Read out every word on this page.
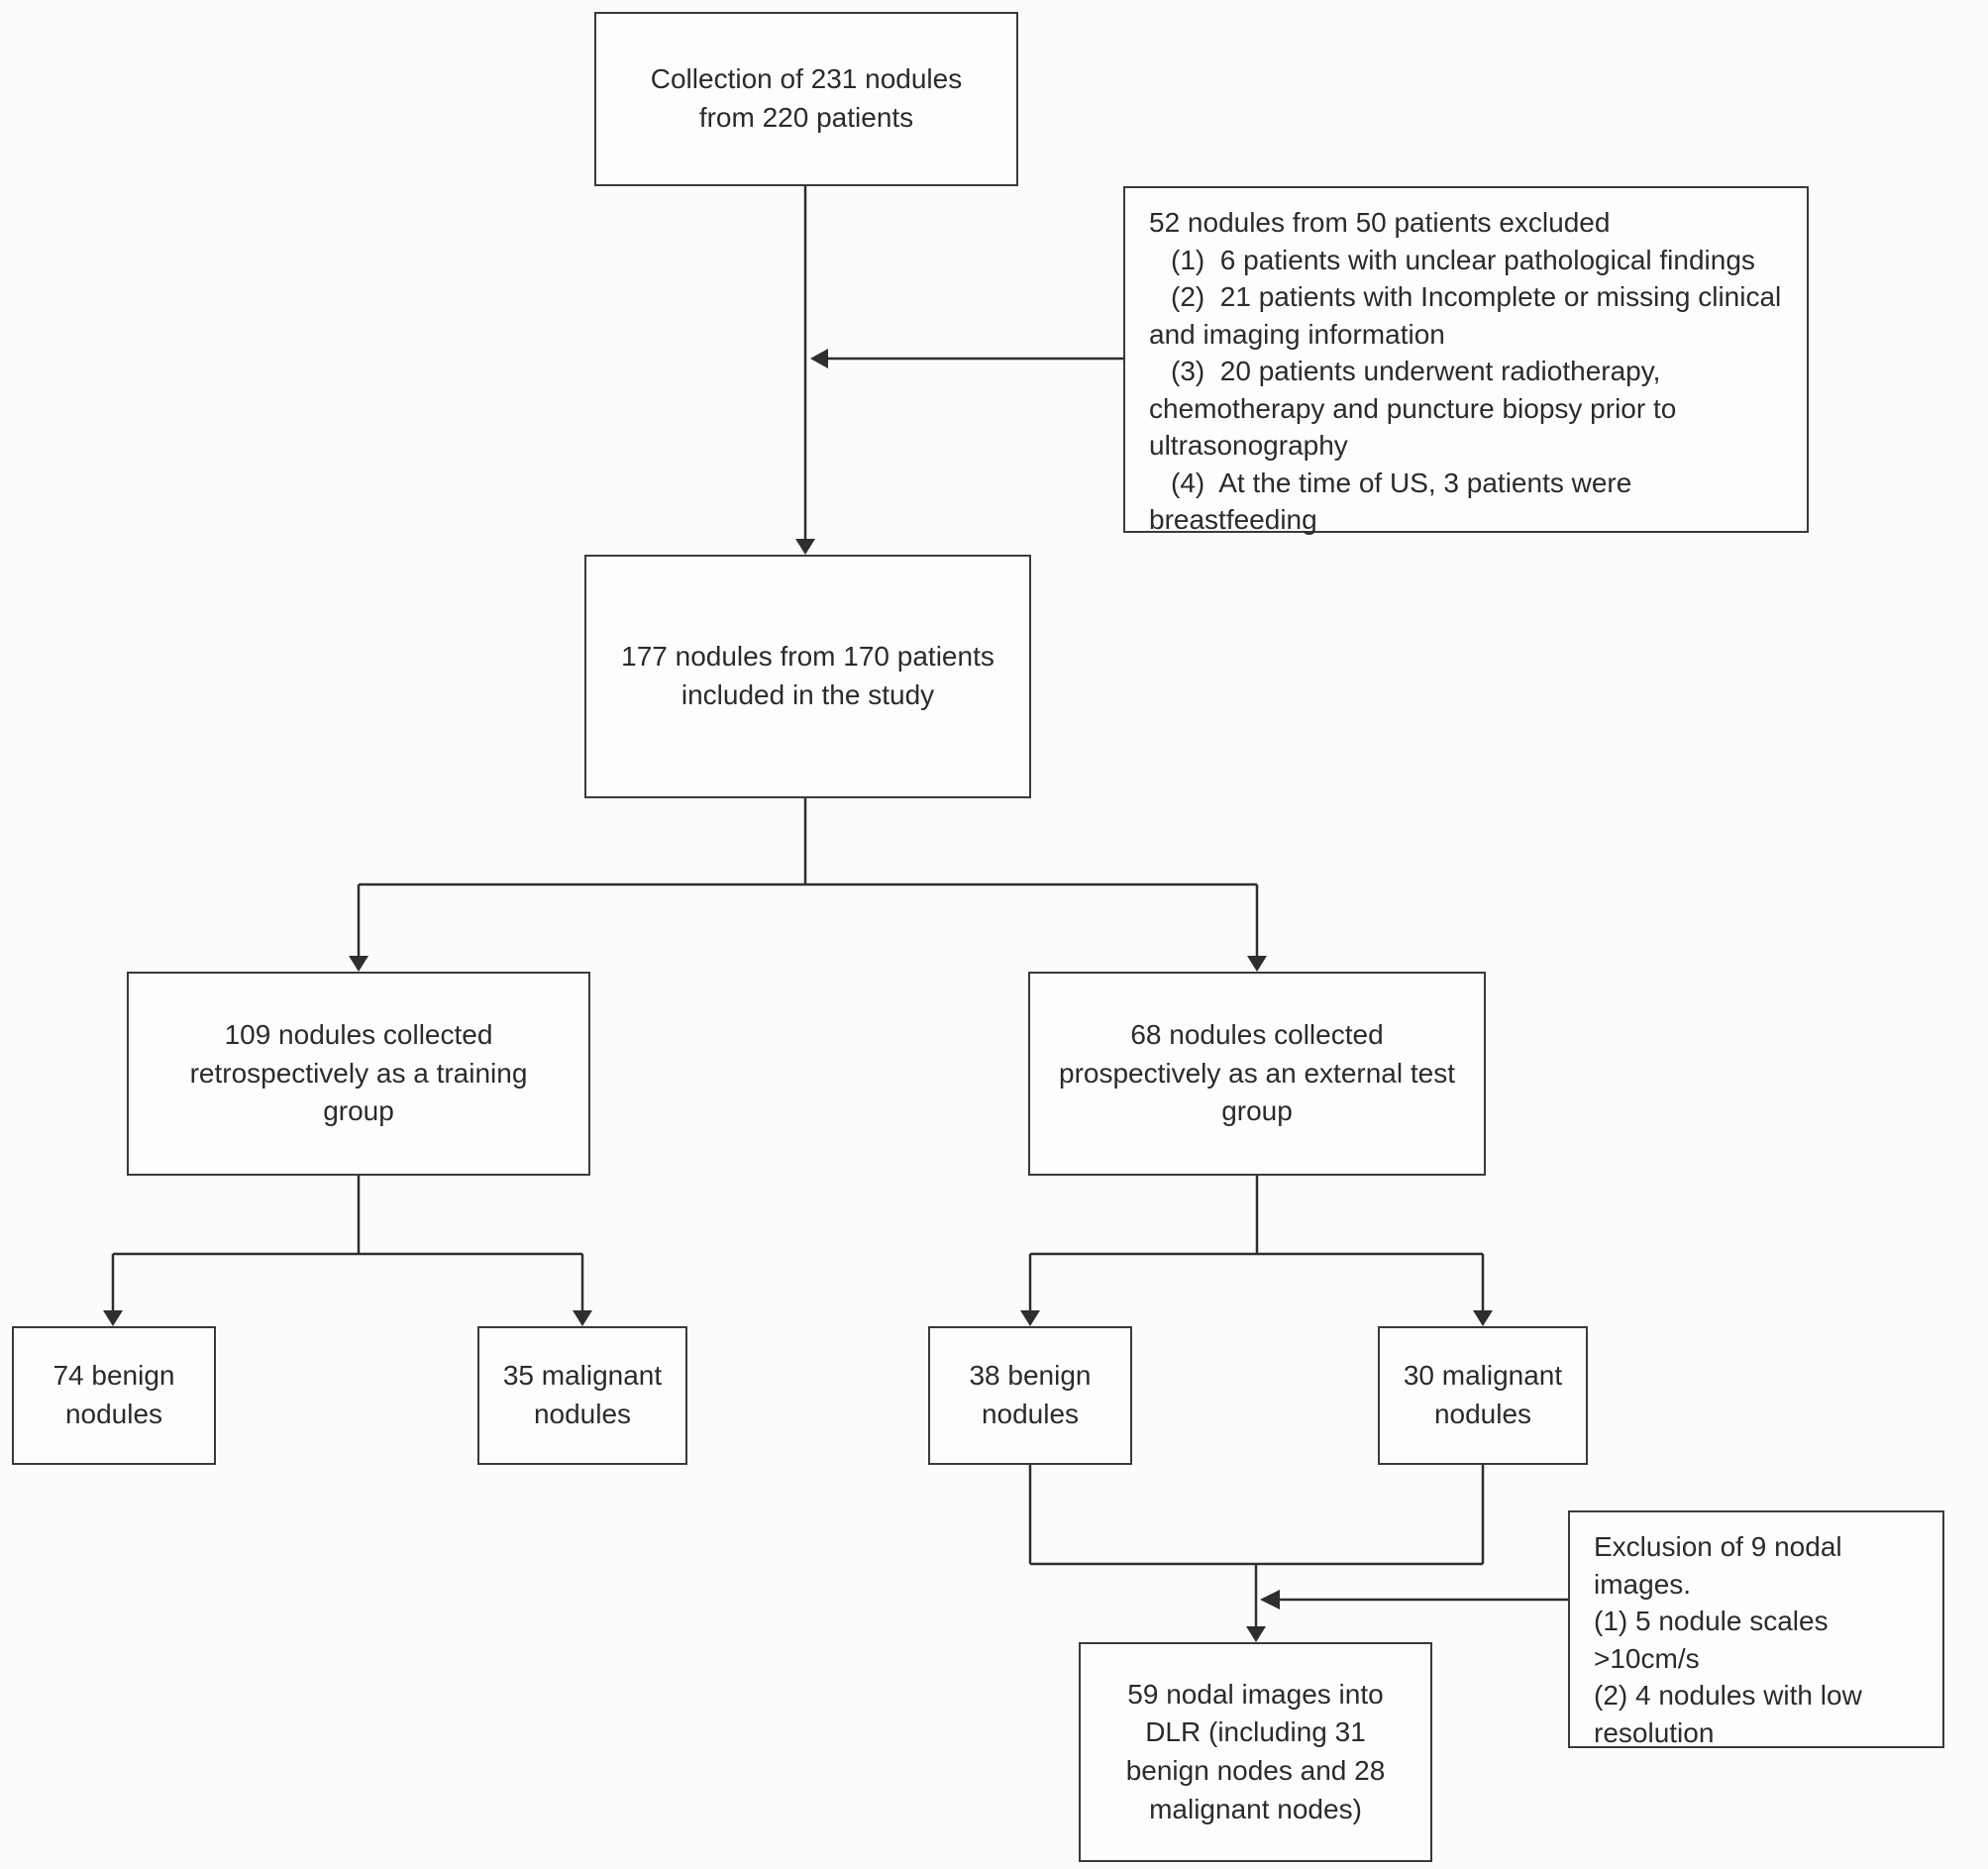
Collection of 231 nodules from 220 patients

52 nodules from 50 patients excluded

(1)  6 patients with unclear pathological findings

(2)  21 patients with Incomplete or missing clinical and imaging information

(3)  20 patients underwent radiotherapy, chemotherapy and puncture biopsy prior to ultrasonography

(4)  At the time of US, 3 patients were breastfeeding

177 nodules from 170 patients included in the study
109 nodules collected retrospectively as a training group
68 nodules collected prospectively as an external test group
74 benign nodules
35 malignant nodules
38 benign nodules
30 malignant nodules

Exclusion of 9 nodal images.

(1) 5 nodule scales >10cm/s

(2) 4 nodules with low resolution

59 nodal images into DLR (including 31 benign nodes and 28 malignant nodes)
